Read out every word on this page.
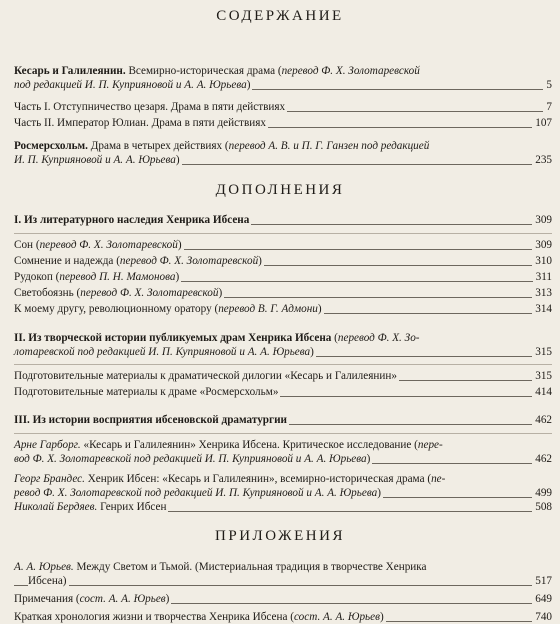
СОДЕРЖАНИЕ
Кесарь и Галилеянин. Всемирно-историческая драма (перевод Ф. Х. Золотаревской
под редакцией И. П. Куприяновой и А. А. Юрьева)	5
Часть I. Отступничество цезаря. Драма в пяти действиях	7
Часть II. Император Юлиан. Драма в пяти действиях	107
Росмерсхольм. Драма в четырех действиях (перевод А. В. и П. Г. Ганзен под редакцией
И. П. Куприяновой и А. А. Юрьева)	235
ДОПОЛНЕНИЯ
I. Из литературного наследия Хенрика Ибсена	309
Сон (перевод Ф. Х. Золотаревской)	309
Сомнение и надежда (перевод Ф. Х. Золотаревской)	310
Рудокоп (перевод П. Н. Мамонова)	311
Светобоязнь (перевод Ф. Х. Золотаревской)	313
К моему другу, революционному оратору (перевод В. Г. Адмони)	314
II. Из творческой истории публикуемых драм Хенрика Ибсена (перевод Ф. Х. Зо-
лотаревской под редакцией И. П. Куприяновой и А. А. Юрьева)	315
Подготовительные материалы к драматической дилогии «Кесарь и Галилеянин»	315
Подготовительные материалы к драме «Росмерсхольм»	414
III. Из истории восприятия ибсеновской драматургии	462
Арне Гарборг. «Кесарь и Галилеянин» Хенрика Ибсена. Критическое исследование (пере-
вод Ф. Х. Золотаревской под редакцией И. П. Куприяновой и А. А. Юрьева)	462
Георг Брандес. Хенрик Ибсен: «Кесарь и Галилеянин», всемирно-историческая драма (пе-
ревод Ф. Х. Золотаревской под редакцией И. П. Куприяновой и А. А. Юрьева)	499
Николай Бердяев. Генрих Ибсен	508
ПРИЛОЖЕНИЯ
А. А. Юрьев. Между Светом и Тьмой. (Мистериальная традиция в творчестве Хенрика
Ибсена)	517
Примечания (сост. А. А. Юрьев)	649
Краткая хронология жизни и творчества Хенрика Ибсена (сост. А. А. Юрьев)	740
